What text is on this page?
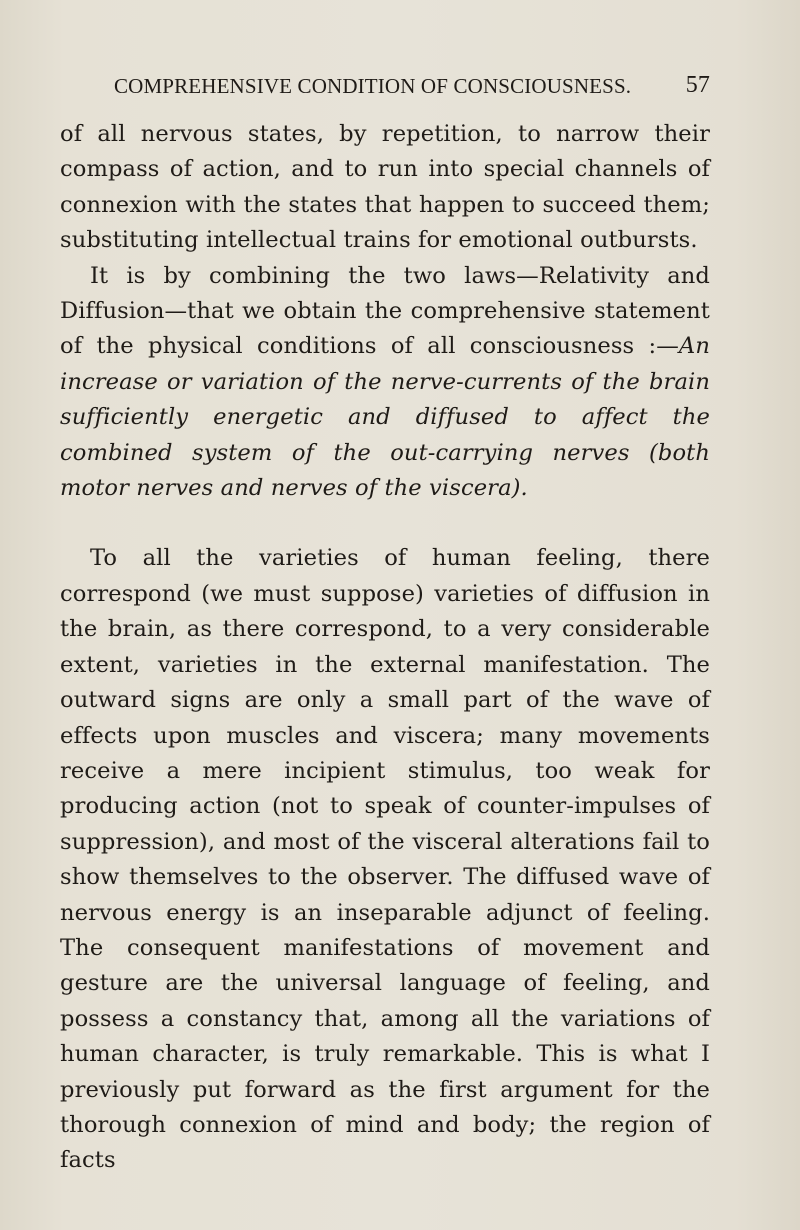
COMPREHENSIVE CONDITION OF CONSCIOUSNESS. 57

of all nervous states, by repetition, to narrow their compass of action, and to run into special channels of connexion with the states that happen to succeed them; substituting intellectual trains for emotional outbursts.

It is by combining the two laws—Relativity and Diffusion—that we obtain the comprehensive statement of the physical conditions of all consciousness :—An increase or variation of the nerve-currents of the brain sufficiently energetic and diffused to affect the combined system of the out-carrying nerves (both motor nerves and nerves of the viscera).

To all the varieties of human feeling, there correspond (we must suppose) varieties of diffusion in the brain, as there correspond, to a very considerable extent, varieties in the external manifestation. The outward signs are only a small part of the wave of effects upon muscles and viscera; many movements receive a mere incipient stimulus, too weak for producing action (not to speak of counter-impulses of suppression), and most of the visceral alterations fail to show themselves to the observer. The diffused wave of nervous energy is an inseparable adjunct of feeling. The consequent manifestations of movement and gesture are the universal language of feeling, and possess a constancy that, among all the variations of human character, is truly remarkable. This is what I previously put forward as the first argument for the thorough connexion of mind and body; the region of facts
